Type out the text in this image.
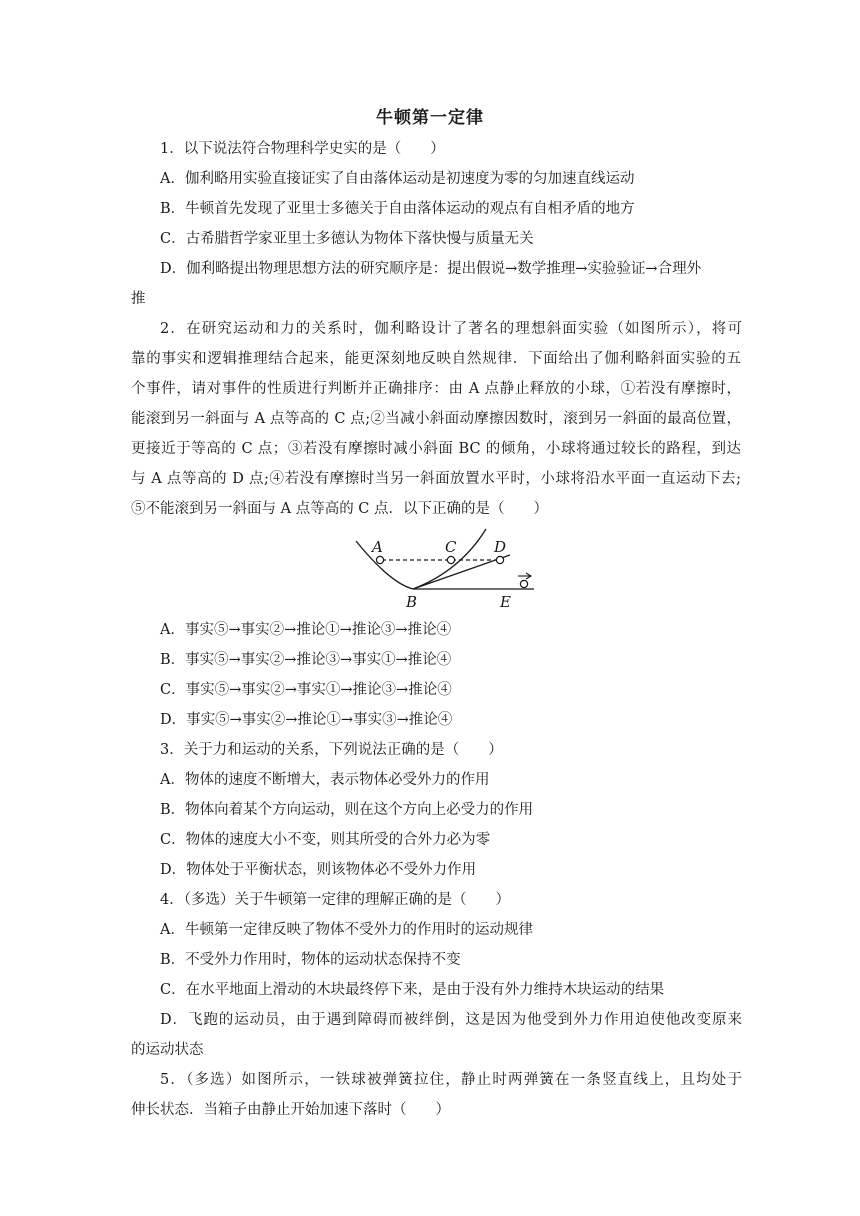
牛顿第一定律
1．以下说法符合物理科学史实的是（　　）
A．伽利略用实验直接证实了自由落体运动是初速度为零的匀加速直线运动
B．牛顿首先发现了亚里士多德关于自由落体运动的观点有自相矛盾的地方
C．古希腊哲学家亚里士多德认为物体下落快慢与质量无关
D．伽利略提出物理思想方法的研究顺序是：提出假说→数学推理→实验验证→合理外
推
2．在研究运动和力的关系时，伽利略设计了著名的理想斜面实验（如图所示），将可
靠的事实和逻辑推理结合起来，能更深刻地反映自然规律．下面给出了伽利略斜面实验的五
个事件，请对事件的性质进行判断并正确排序：由 A 点静止释放的小球，①若没有摩擦时，
能滚到另一斜面与 A 点等高的 C 点;②当减小斜面动摩擦因数时，滚到另一斜面的最高位置，
更接近于等高的 C 点；③若没有摩擦时减小斜面 BC 的倾角，小球将通过较长的路程，到达
与 A 点等高的 D 点;④若没有摩擦时当另一斜面放置水平时，小球将沿水平面一直运动下去;
⑤不能滚到另一斜面与 A 点等高的 C 点．以下正确的是（　　）
A	C	D
B	E
A．事实⑤→事实②→推论①→推论③→推论④
B．事实⑤→事实②→推论③→事实①→推论④
C．事实⑤→事实②→事实①→推论③→推论④
D．事实⑤→事实②→推论①→事实③→推论④
3．关于力和运动的关系，下列说法正确的是（　　）
A．物体的速度不断增大，表示物体必受外力的作用
B．物体向着某个方向运动，则在这个方向上必受力的作用
C．物体的速度大小不变，则其所受的合外力必为零
D．物体处于平衡状态，则该物体必不受外力作用
4．（多选）关于牛顿第一定律的理解正确的是（　　）
A．牛顿第一定律反映了物体不受外力的作用时的运动规律
B．不受外力作用时，物体的运动状态保持不变
C．在水平地面上滑动的木块最终停下来，是由于没有外力维持木块运动的结果
D．飞跑的运动员，由于遇到障碍而被绊倒，这是因为他受到外力作用迫使他改变原来
的运动状态
5．（多选）如图所示，一铁球被弹簧拉住，静止时两弹簧在一条竖直线上，且均处于
伸长状态．当箱子由静止开始加速下落时（　　）
